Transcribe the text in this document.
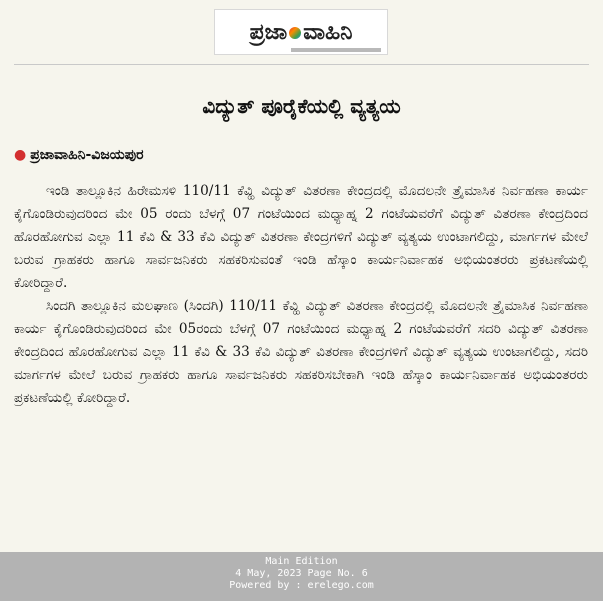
ಪ್ರಜಾ ವಾಹಿನಿ
ವಿದ್ಯುತ್ ಪೂರೈಕೆಯಲ್ಲಿ ವ್ಯತ್ಯಯ
● ಪ್ರಜಾವಾಹಿನಿ-ವಿಜಯಪುರ

ಇಂಡಿ ತಾಲ್ಲೂಕಿನ ಹಿರೇಮಸಳಿ 110/11 ಕೆವ್ಹಿ ವಿದ್ಯುತ್ ವಿತರಣಾ ಕೇಂದ್ರದಲ್ಲಿ ಮೊದಲನೇ ತ್ರೈಮಾಸಿಕ ನಿರ್ವಹಣಾ ಕಾರ್ಯ ಕೈಗೊಂಡಿರುವುದರಿಂದ ಮೇ 05 ರಂದು ಬೆಳಗ್ಗೆ 07 ಗಂಟೆಯಿಂದ ಮಧ್ಯಾಹ್ನ 2 ಗಂಟೆಯವರೆಗೆ ವಿದ್ಯುತ್ ವಿತರಣಾ ಕೇಂದ್ರದಿಂದ ಹೊರಹೋಗುವ ಎಲ್ಲಾ 11 ಕೆವಿ & 33 ಕೆವಿ ವಿದ್ಯುತ್ ವಿತರಣಾ ಕೇಂದ್ರಗಳಿಗೆ ವಿದ್ಯುತ್ ವ್ಯತ್ಯಯ ಉಂಟಾಗಲಿದ್ದು, ಮಾರ್ಗಗಳ ಮೇಲೆ ಬರುವ ಗ್ರಾಹಕರು ಹಾಗೂ ಸಾರ್ವಜನಿಕರು ಸಹಕರಿಸುವಂತೆ ಇಂಡಿ ಹೆಸ್ಕಾಂ ಕಾರ್ಯನಿರ್ವಾಹಕ ಅಭಿಯಂತರರು ಪ್ರಕಟಣೆಯಲ್ಲಿ ಕೋರಿದ್ದಾರೆ.

ಸಿಂದಗಿ ತಾಲ್ಲೂಕಿನ ಮಲಘಾಣ (ಸಿಂದಗಿ) 110/11 ಕೆವ್ಹಿ ವಿದ್ಯುತ್ ವಿತರಣಾ ಕೇಂದ್ರದಲ್ಲಿ ಮೊದಲನೇ ತ್ರೈಮಾಸಿಕ ನಿರ್ವಹಣಾ ಕಾರ್ಯ ಕೈಗೊಂಡಿರುವುದರಿಂದ ಮೇ 05ರಂದು ಬೆಳಗ್ಗೆ 07 ಗಂಟೆಯಿಂದ ಮಧ್ಯಾಹ್ನ 2 ಗಂಟೆಯವರೆಗೆ ಸದರಿ ವಿದ್ಯುತ್ ವಿತರಣಾ ಕೇಂದ್ರದಿಂದ ಹೊರಹೋಗುವ ಎಲ್ಲಾ 11 ಕೆವಿ & 33 ಕೆವಿ ವಿದ್ಯುತ್ ವಿತರಣಾ ಕೇಂದ್ರಗಳಿಗೆ ವಿದ್ಯುತ್ ವ್ಯತ್ಯಯ ಉಂಟಾಗಲಿದ್ದು, ಸದರಿ ಮಾರ್ಗಗಳ ಮೇಲೆ ಬರುವ ಗ್ರಾಹಕರು ಹಾಗೂ ಸಾರ್ವಜನಿಕರು ಸಹಕರಿಸಬೇಕಾಗಿ ಇಂಡಿ ಹೆಸ್ಕಾಂ ಕಾರ್ಯನಿರ್ವಾಹಕ ಅಭಿಯಂತರರು ಪ್ರಕಟಣೆಯಲ್ಲಿ ಕೋರಿದ್ದಾರೆ.

Main Edition
4 May, 2023 Page No. 6
Powered by : erelego.com
